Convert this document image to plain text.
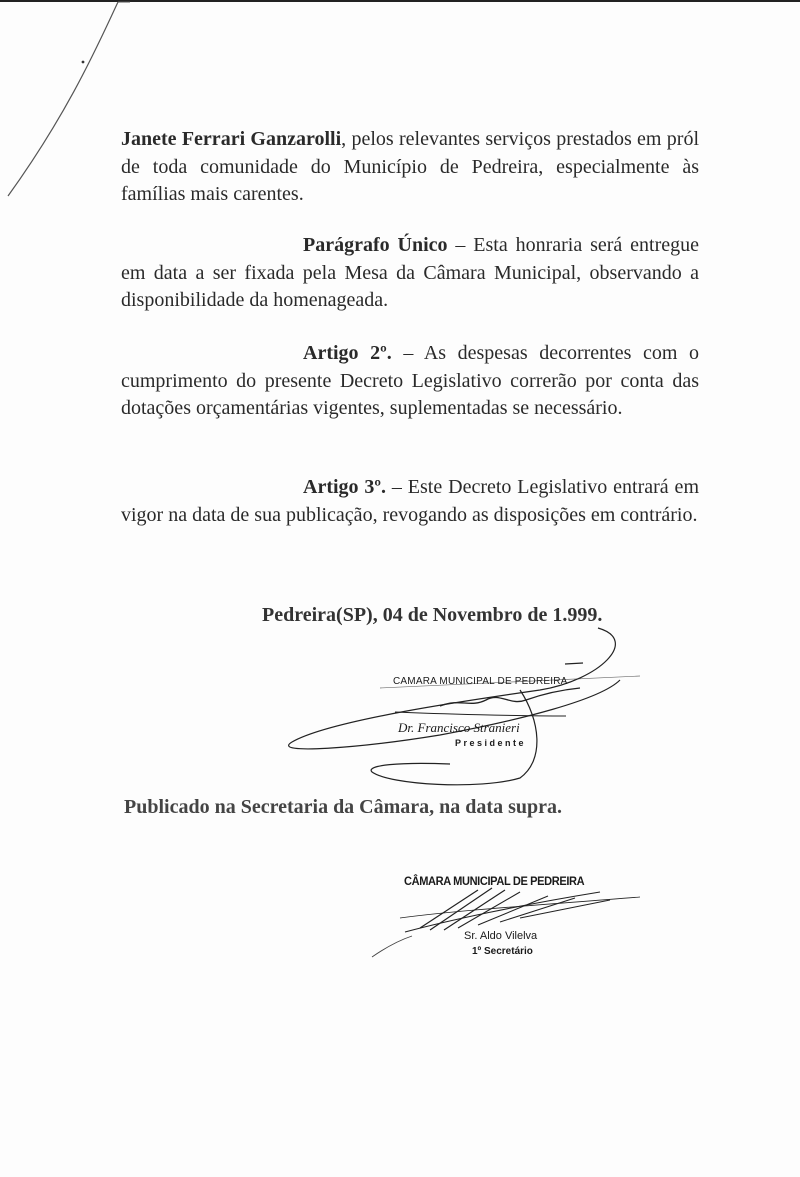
Janete Ferrari Ganzarolli, pelos relevantes serviços prestados em pról de toda comunidade do Município de Pedreira, especialmente às famílias mais carentes.

Parágrafo Único – Esta honraria será entregue em data a ser fixada pela Mesa da Câmara Municipal, observando a disponibilidade da homenageada.

Artigo 2º. – As despesas decorrentes com o cumprimento do presente Decreto Legislativo correrão por conta das dotações orçamentárias vigentes, suplementadas se necessário.

Artigo 3º. – Este Decreto Legislativo entrará em vigor na data de sua publicação, revogando as disposições em contrário.

Pedreira(SP), 04 de Novembro de 1.999.

CAMARA MUNICIPAL DE PEDREIRA
Dr. Francisco Stranieri
Presidente

Publicado na Secretaria da Câmara, na data supra.

CÂMARA MUNICIPAL DE PEDREIRA
Sr. Aldo Vilelva
1º Secretário
